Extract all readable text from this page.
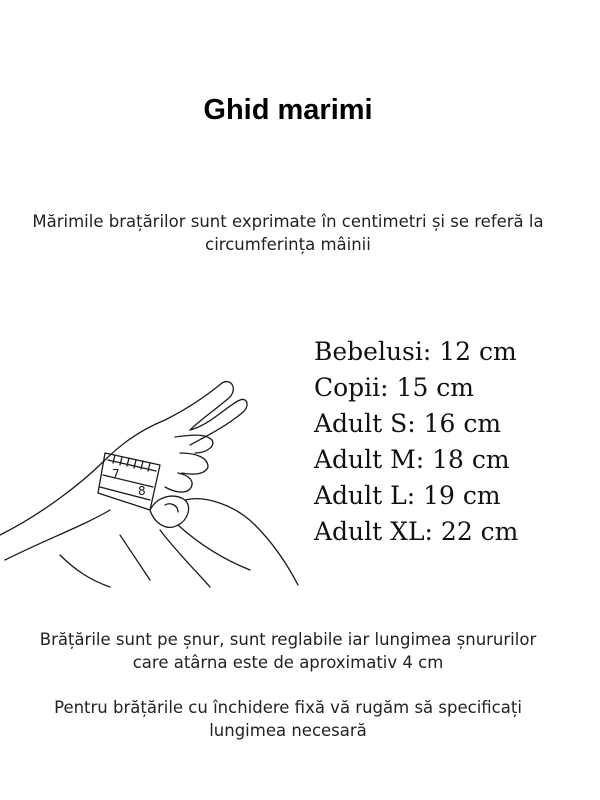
Ghid marimi
Mărimile brațărilor sunt exprimate în centimetri și se referă la
circumferința mâinii
Bebelusi: 12 cm
Copii: 15 cm
Adult S: 16 cm
Adult M: 18 cm
Adult L: 19 cm
Adult XL: 22 cm
7
8
Brățările sunt pe șnur, sunt reglabile iar lungimea șnururilor
care atârna este de aproximativ 4 cm
Pentru brățările cu închidere fixă vă rugăm să specificați
lungimea necesară
